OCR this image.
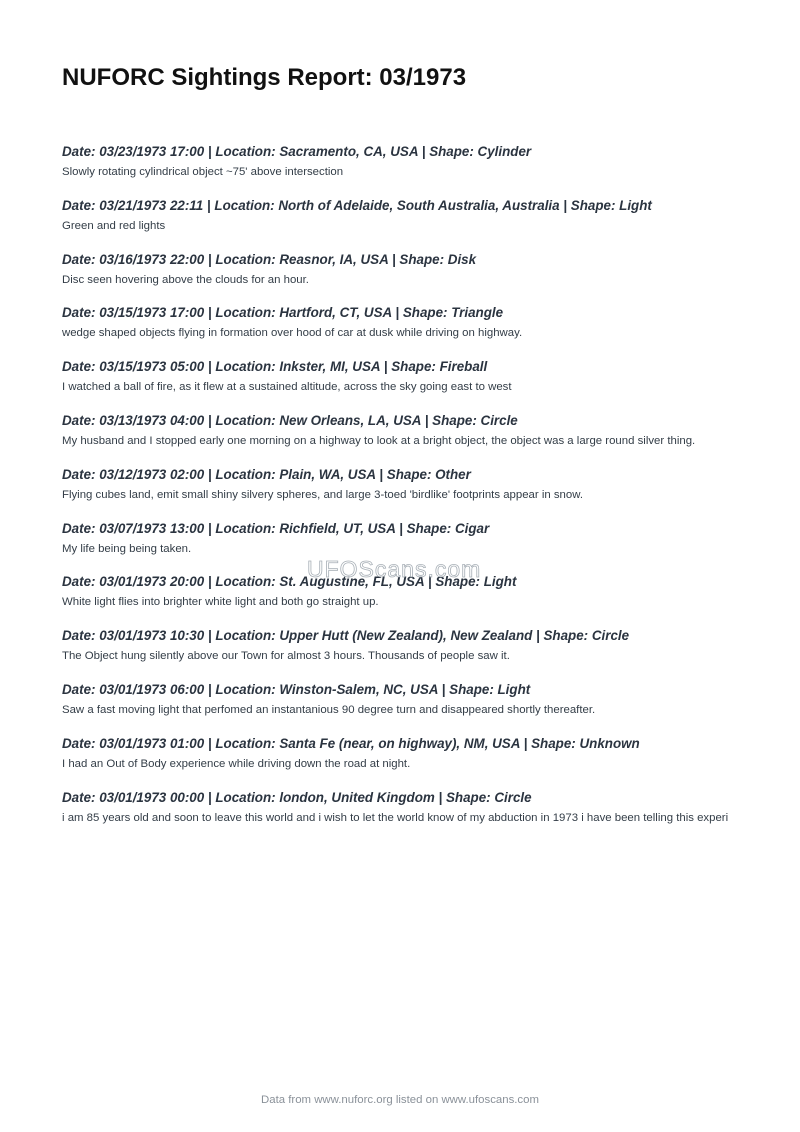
NUFORC Sightings Report: 03/1973
Date: 03/23/1973 17:00 | Location: Sacramento, CA, USA | Shape: Cylinder
Slowly rotating cylindrical object ~75' above intersection
Date: 03/21/1973 22:11 | Location: North of Adelaide, South Australia, Australia | Shape: Light
Green and red lights
Date: 03/16/1973 22:00 | Location: Reasnor, IA, USA | Shape: Disk
Disc seen hovering above the clouds for an hour.
Date: 03/15/1973 17:00 | Location: Hartford, CT, USA | Shape: Triangle
wedge shaped objects flying in formation over hood of car at dusk while driving on highway.
Date: 03/15/1973 05:00 | Location: Inkster, MI, USA | Shape: Fireball
I watched a ball of fire, as it flew at a sustained altitude, across the sky going east to west
Date: 03/13/1973 04:00 | Location: New Orleans, LA, USA | Shape: Circle
My husband and I stopped early one morning on a highway to look at a bright object, the object was a large round silver thing.
Date: 03/12/1973 02:00 | Location: Plain, WA, USA | Shape: Other
Flying cubes land, emit small shiny silvery spheres, and large 3-toed 'birdlike' footprints appear in snow.
Date: 03/07/1973 13:00 | Location: Richfield, UT, USA | Shape: Cigar
My life being being taken.
Date: 03/01/1973 20:00 | Location: St. Augustine, FL, USA | Shape: Light
White light flies into brighter white light and both go straight up.
Date: 03/01/1973 10:30 | Location: Upper Hutt (New Zealand), New Zealand | Shape: Circle
The Object hung silently above our Town for almost 3 hours. Thousands of people saw it.
Date: 03/01/1973 06:00 | Location: Winston-Salem, NC, USA | Shape: Light
Saw a fast moving light that perfomed an instantanious 90 degree turn and disappeared shortly thereafter.
Date: 03/01/1973 01:00 | Location: Santa Fe (near, on highway), NM, USA | Shape: Unknown
I had an Out of Body experience while driving down the road at night.
Date: 03/01/1973 00:00 | Location: london, United Kingdom | Shape: Circle
i am 85 years old and soon to leave this world and i wish to let the world know of my abduction in 1973 i have been telling this experi
UFOScans.com
Data from www.nuforc.org listed on www.ufoscans.com
